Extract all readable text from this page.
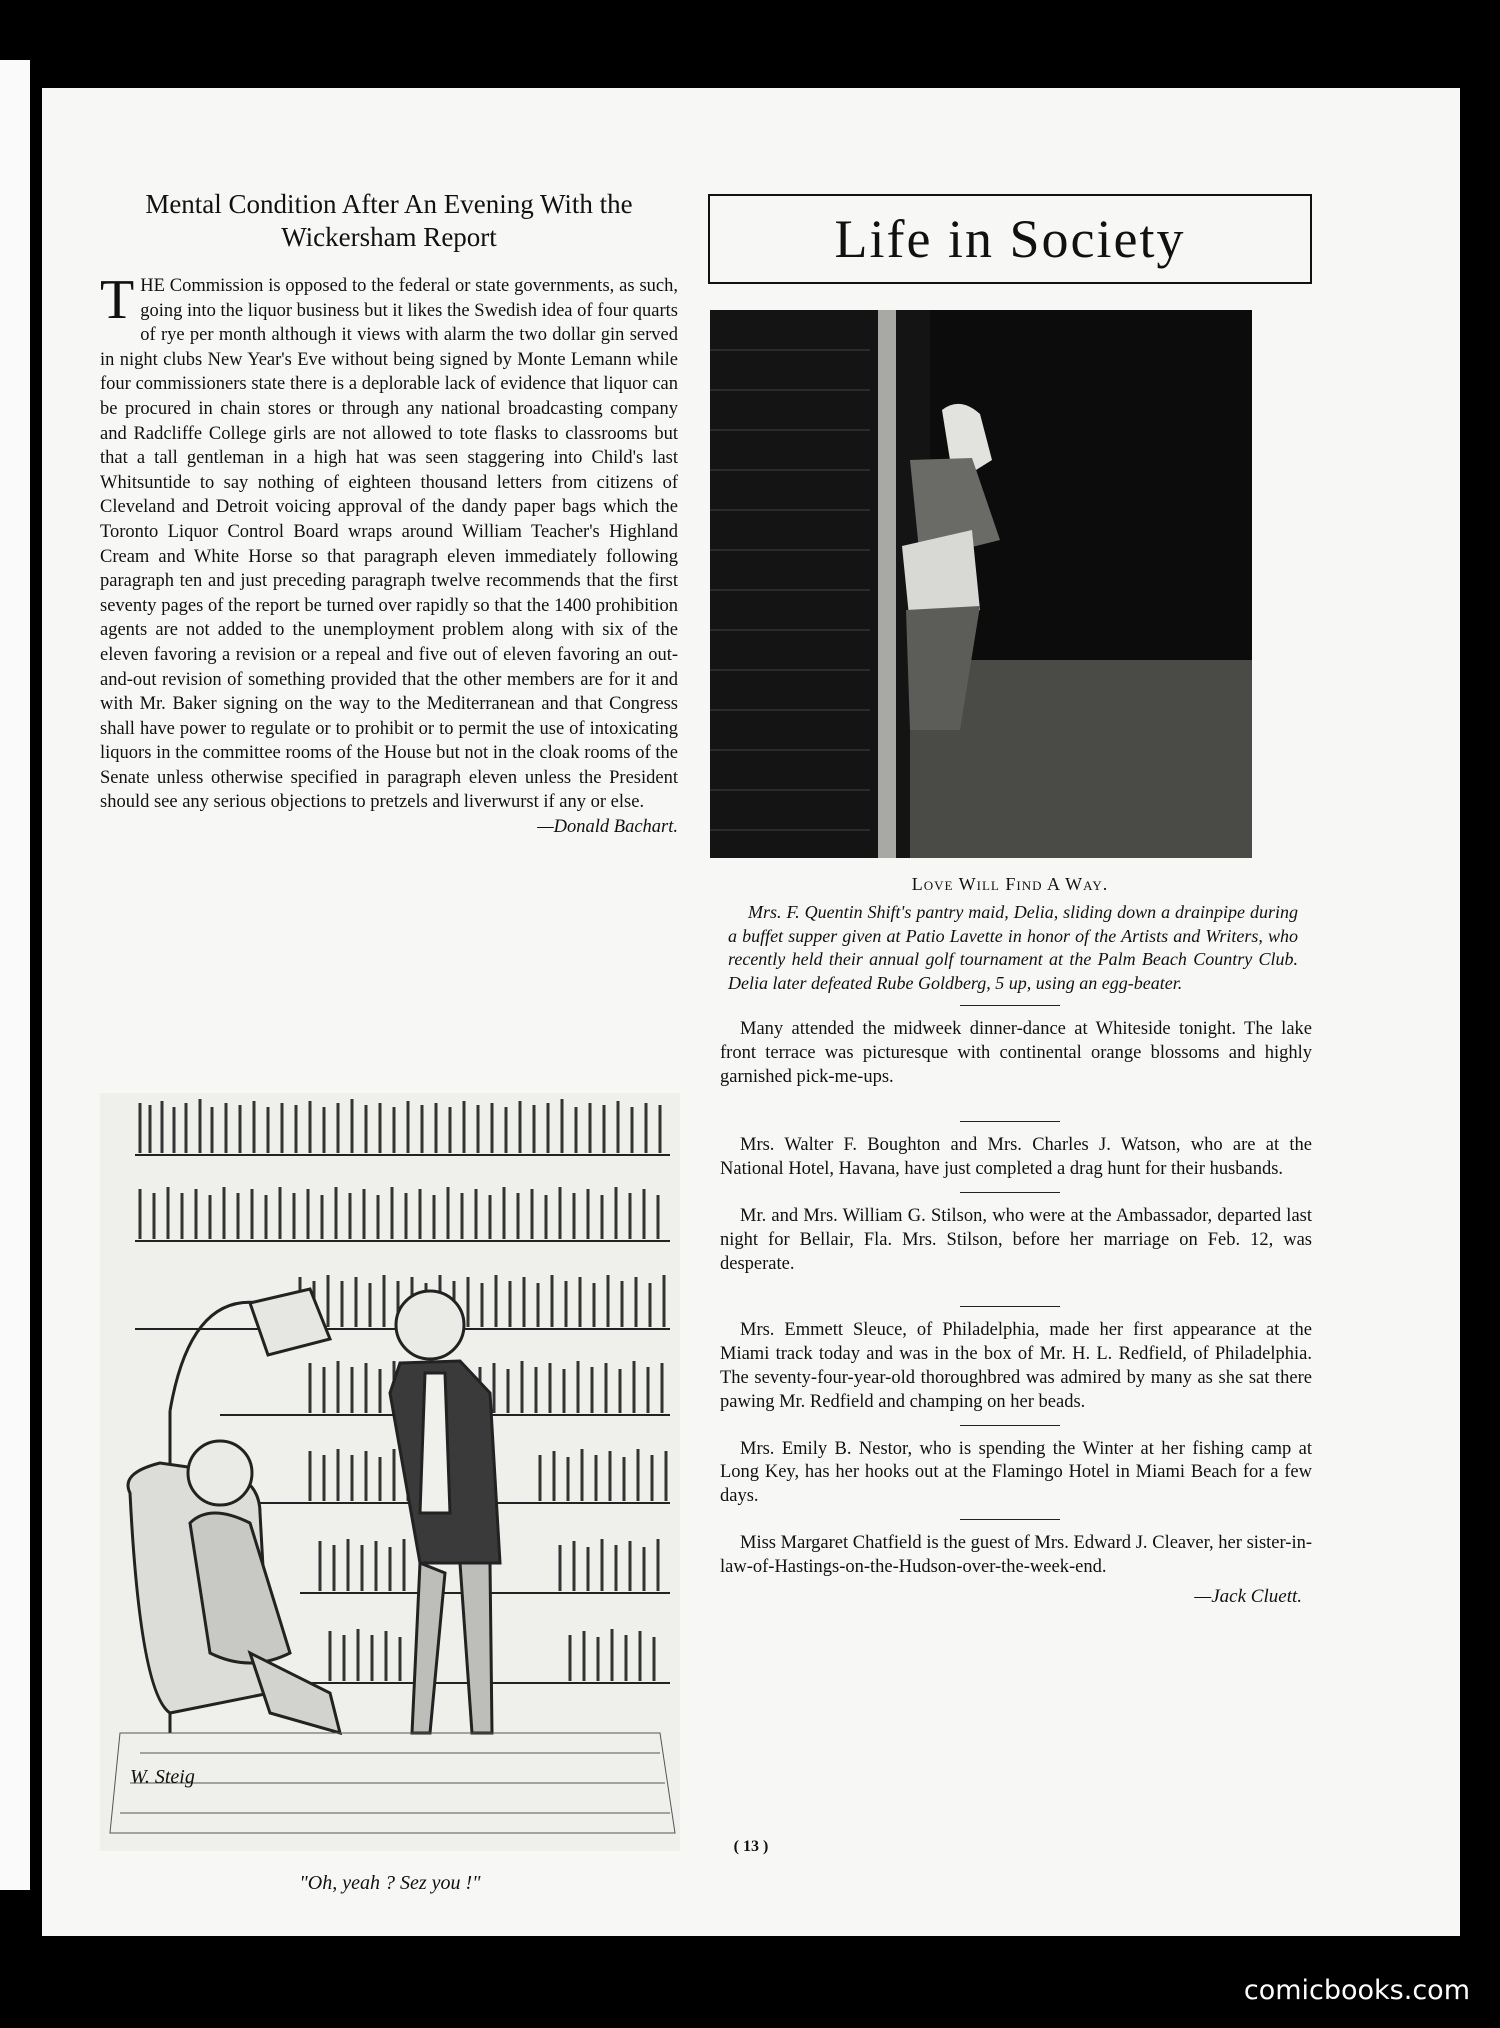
Mental Condition After An Evening With the Wickersham Report
THE Commission is opposed to the federal or state governments, as such, going into the liquor business but it likes the Swedish idea of four quarts of rye per month although it views with alarm the two dollar gin served in night clubs New Year's Eve without being signed by Monte Lemann while four commissioners state there is a deplorable lack of evidence that liquor can be procured in chain stores or through any national broadcasting company and Radcliffe College girls are not allowed to tote flasks to classrooms but that a tall gentleman in a high hat was seen staggering into Child's last Whitsuntide to say nothing of eighteen thousand letters from citizens of Cleveland and Detroit voicing approval of the dandy paper bags which the Toronto Liquor Control Board wraps around William Teacher's Highland Cream and White Horse so that paragraph eleven immediately following paragraph ten and just preceding paragraph twelve recommends that the first seventy pages of the report be turned over rapidly so that the 1400 prohibition agents are not added to the unemployment problem along with six of the eleven favoring a revision or a repeal and five out of eleven favoring an out-and-out revision of something provided that the other members are for it and with Mr. Baker signing on the way to the Mediterranean and that Congress shall have power to regulate or to prohibit or to permit the use of intoxicating liquors in the committee rooms of the House but not in the cloak rooms of the Senate unless otherwise specified in paragraph eleven unless the President should see any serious objections to pretzels and liverwurst if any or else.
—Donald Bachart.
W. Steig
"Oh, yeah ? Sez you !"
Life in Society
Love Will Find A Way.
Mrs. F. Quentin Shift's pantry maid, Delia, sliding down a drainpipe during a buffet supper given at Patio Lavette in honor of the Artists and Writers, who recently held their annual golf tournament at the Palm Beach Country Club. Delia later defeated Rube Goldberg, 5 up, using an egg-beater.

Many attended the midweek dinner-dance at Whiteside tonight. The lake front terrace was picturesque with continental orange blossoms and highly garnished pick-me-ups.

Mrs. Walter F. Boughton and Mrs. Charles J. Watson, who are at the National Hotel, Havana, have just completed a drag hunt for their husbands.

Mr. and Mrs. William G. Stilson, who were at the Ambassador, departed last night for Bellair, Fla. Mrs. Stilson, before her marriage on Feb. 12, was desperate.

Mrs. Emmett Sleuce, of Philadelphia, made her first appearance at the Miami track today and was in the box of Mr. H. L. Redfield, of Philadelphia. The seventy-four-year-old thoroughbred was admired by many as she sat there pawing Mr. Redfield and champing on her beads.

Mrs. Emily B. Nestor, who is spending the Winter at her fishing camp at Long Key, has her hooks out at the Flamingo Hotel in Miami Beach for a few days.

Miss Margaret Chatfield is the guest of Mrs. Edward J. Cleaver, her sister-in-law-of-Hastings-on-the-Hudson-over-the-week-end.

—Jack Cluett.
( 13 )
comicbooks.com
